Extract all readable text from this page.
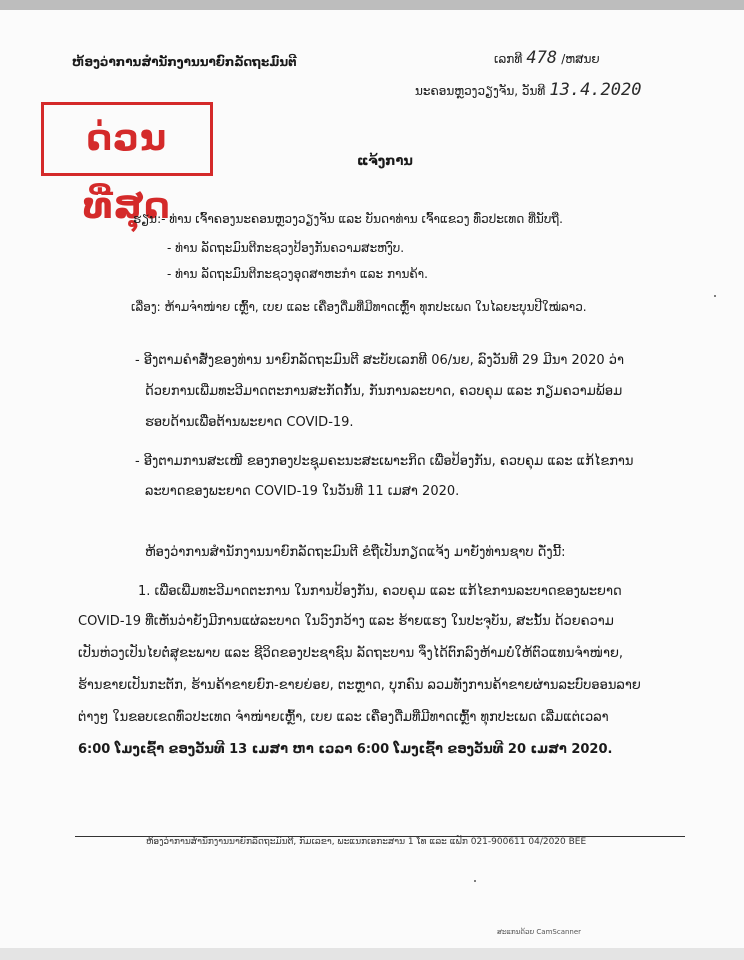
ຫ້ອງວ່າການສຳນັກງານນາຍົກລັດຖະມົນຕີ	ເລກທີ 478 /ຫສນຍ
ນະຄອນຫຼວງວຽງຈັນ, ວັນທີ 13.4.2020
ດ່ວນທີ່ສຸດ
ແຈ້ງການ
ຮຽນ:- ທ່ານ ເຈົ້າຄອງນະຄອນຫຼວງວຽງຈັນ ແລະ ບັນດາທ່ານ ເຈົ້າແຂວງ ທົ່ວປະເທດ ທີ່ນັບຖື.
- ທ່ານ ລັດຖະມົນຕີກະຊວງປ້ອງກັນຄວາມສະຫງົບ.
- ທ່ານ ລັດຖະມົນຕີກະຊວງອຸດສາຫະກຳ ແລະ ການຄ້າ.
ເລື່ອງ: ຫ້າມຈຳໜ່າຍ ເຫຼົ້າ, ເບຍ ແລະ ເຄື່ອງດື່ມທີ່ມີທາດເຫຼົ້າ ທຸກປະເພດ ໃນໄລຍະບຸນປີໃໝ່ລາວ.
- ອີງຕາມຄຳສັ່ງຂອງທ່ານ ນາຍົກລັດຖະມົນຕີ ສະບັບເລກທີ 06/ນຍ, ລົງວັນທີ 29 ມີນາ 2020 ວ່າ
ດ້ວຍການເພີ່ມທະວີມາດຕະການສະກັດກັ້ນ, ກັນການລະບາດ, ຄວບຄຸມ ແລະ ກຽມຄວາມພ້ອມ
ຮອບດ້ານເພື່ອຕ້ານພະຍາດ COVID-19.
- ອີງຕາມການສະເໜີ ຂອງກອງປະຊຸມຄະນະສະເພາະກິດ ເພື່ອປ້ອງກັນ, ຄວບຄຸມ ແລະ ແກ້ໄຂການ
ລະບາດຂອງພະຍາດ COVID-19 ໃນວັນທີ 11 ເມສາ 2020.
ຫ້ອງວ່າການສຳນັກງານນາຍົກລັດຖະມົນຕີ ຂໍຖືເປັນກຽດແຈ້ງ ມາຍັງທ່ານຊາບ ດັ່ງນີ້:
1. ເພື່ອເພີ່ມທະວີມາດຕະການ ໃນການປ້ອງກັນ, ຄວບຄຸມ ແລະ ແກ້ໄຂການລະບາດຂອງພະຍາດ
COVID-19 ທີ່ເຫັນວ່າຍັງມີການແຜ່ລະບາດ ໃນວົງກວ້າງ ແລະ ຮ້າຍແຮງ ໃນປະຈຸບັນ, ສະນັ້ນ ດ້ວຍຄວາມ
ເປັນຫ່ວງເປັນໄຍຕໍ່ສຸຂະພາບ ແລະ ຊີວິດຂອງປະຊາຊົນ ລັດຖະບານ ຈຶ່ງໄດ້ຕົກລົງຫ້າມບໍ່ໃຫ້ຕົວແທນຈຳໜ່າຍ,
ຮ້ານຂາຍເປັນກະຕັກ, ຮ້ານຄ້າຂາຍຍົກ-ຂາຍຍ່ອຍ, ຕະຫຼາດ, ບຸກຄົນ ລວມທັງການຄ້າຂາຍຜ່ານລະບົບອອນລາຍ
ຕ່າງໆ ໃນຂອບເຂດທົ່ວປະເທດ ຈຳໜ່າຍເຫຼົ້າ, ເບຍ ແລະ ເຄື່ອງດື່ມທີ່ມີທາດເຫຼົ້າ ທຸກປະເພດ ເລີ່ມແຕ່ເວລາ
6:00 ໂມງເຊົ້າ ຂອງວັນທີ 13 ເມສາ ຫາ ເວລາ 6:00 ໂມງເຊົ້າ ຂອງວັນທີ 20 ເມສາ 2020.
ຫ້ອງວ່າການສຳນັກງານນາຍົກລັດຖະມົນຕີ, ກົມເລຂາ, ພະແນກເອກະສານ 1 ໂທ ແລະ ແຟັກ 021-900611 04/2020 BEE
ສະແກນດ້ວຍ CamScanner
